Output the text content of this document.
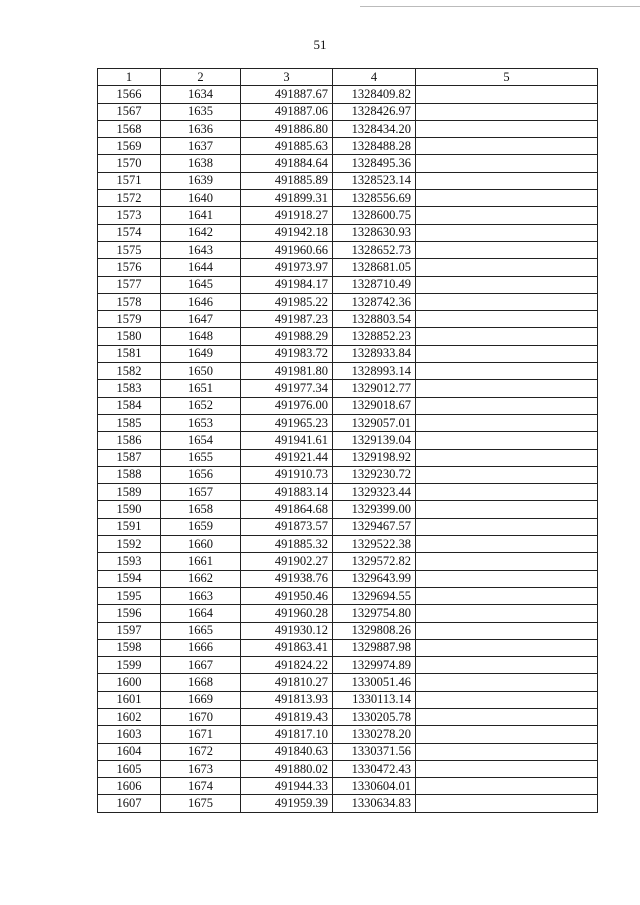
51
1	2	3	4	5
1566	1634	491887.67	1328409.82	
1567	1635	491887.06	1328426.97	
1568	1636	491886.80	1328434.20	
1569	1637	491885.63	1328488.28	
1570	1638	491884.64	1328495.36	
1571	1639	491885.89	1328523.14	
1572	1640	491899.31	1328556.69	
1573	1641	491918.27	1328600.75	
1574	1642	491942.18	1328630.93	
1575	1643	491960.66	1328652.73	
1576	1644	491973.97	1328681.05	
1577	1645	491984.17	1328710.49	
1578	1646	491985.22	1328742.36	
1579	1647	491987.23	1328803.54	
1580	1648	491988.29	1328852.23	
1581	1649	491983.72	1328933.84	
1582	1650	491981.80	1328993.14	
1583	1651	491977.34	1329012.77	
1584	1652	491976.00	1329018.67	
1585	1653	491965.23	1329057.01	
1586	1654	491941.61	1329139.04	
1587	1655	491921.44	1329198.92	
1588	1656	491910.73	1329230.72	
1589	1657	491883.14	1329323.44	
1590	1658	491864.68	1329399.00	
1591	1659	491873.57	1329467.57	
1592	1660	491885.32	1329522.38	
1593	1661	491902.27	1329572.82	
1594	1662	491938.76	1329643.99	
1595	1663	491950.46	1329694.55	
1596	1664	491960.28	1329754.80	
1597	1665	491930.12	1329808.26	
1598	1666	491863.41	1329887.98	
1599	1667	491824.22	1329974.89	
1600	1668	491810.27	1330051.46	
1601	1669	491813.93	1330113.14	
1602	1670	491819.43	1330205.78	
1603	1671	491817.10	1330278.20	
1604	1672	491840.63	1330371.56	
1605	1673	491880.02	1330472.43	
1606	1674	491944.33	1330604.01	
1607	1675	491959.39	1330634.83	
